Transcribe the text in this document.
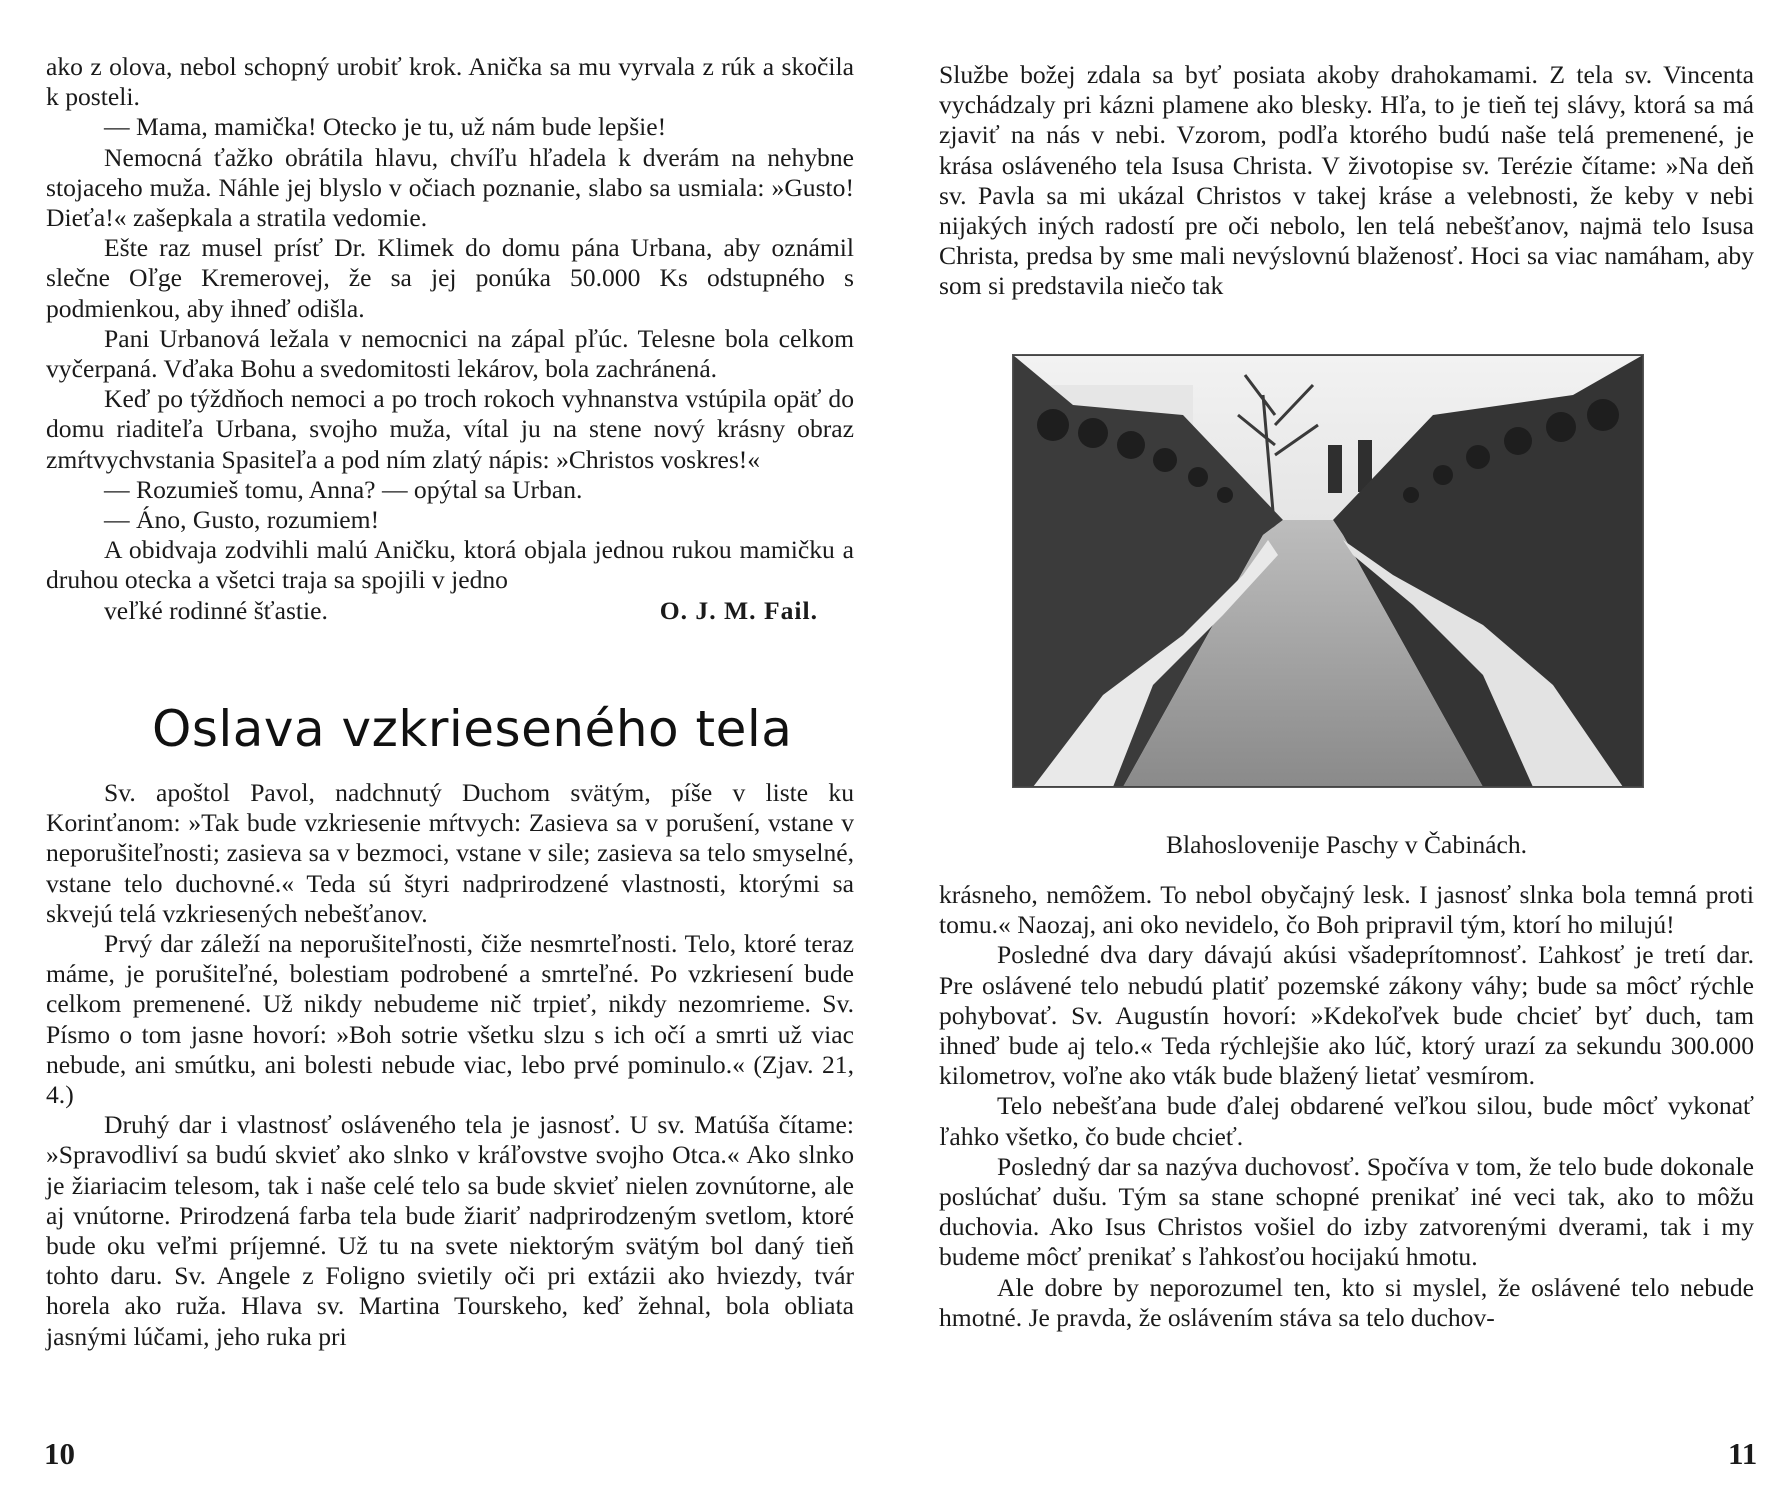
ako z olova, nebol schopný urobiť krok. Anička sa mu vyrvala z rúk a skočila k posteli.

— Mama, mamička! Otecko je tu, už nám bude lepšie!

Nemocná ťažko obrátila hlavu, chvíľu hľadela k dverám na nehybne stojaceho muža. Náhle jej blyslo v očiach poznanie, slabo sa usmiala: »Gusto! Dieťa!« zašepkala a stratila vedomie.

Ešte raz musel prísť Dr. Klimek do domu pána Urbana, aby oznámil slečne Oľge Kremerovej, že sa jej ponúka 50.000 Ks odstupného s podmienkou, aby ihneď odišla.

Pani Urbanová ležala v nemocnici na zápal pľúc. Telesne bola celkom vyčerpaná. Vďaka Bohu a svedomitosti lekárov, bola zachránená.

Keď po týždňoch nemoci a po troch rokoch vyhnanstva vstúpila opäť do domu riaditeľa Urbana, svojho muža, vítal ju na stene nový krásny obraz zmŕtvychvstania Spasiteľa a pod ním zlatý nápis: »Christos voskres!«

— Rozumieš tomu, Anna? — opýtal sa Urban.

— Áno, Gusto, rozumiem!

A obidvaja zodvihli malú Aničku, ktorá objala jednou rukou mamičku a druhou otecka a všetci traja sa spojili v jedno

veľké rodinné šťastie.	O. J. M. Fail.

Oslava vzkrieseného tela

Sv. apoštol Pavol, nadchnutý Duchom svätým, píše v liste ku Korinťanom: »Tak bude vzkriesenie mŕtvych: Zasieva sa v porušení, vstane v neporušiteľnosti; zasieva sa v bezmoci, vstane v sile; zasieva sa telo smyselné, vstane telo duchovné.« Teda sú štyri nadprirodzené vlastnosti, ktorými sa skvejú telá vzkriesených nebešťanov.

Prvý dar záleží na neporušiteľnosti, čiže nesmrteľnosti. Telo, ktoré teraz máme, je porušiteľné, bolestiam podrobené a smrteľné. Po vzkriesení bude celkom premenené. Už nikdy nebudeme nič trpieť, nikdy nezomrieme. Sv. Písmo o tom jasne hovorí: »Boh sotrie všetku slzu s ich očí a smrti už viac nebude, ani smútku, ani bolesti nebude viac, lebo prvé pominulo.« (Zjav. 21, 4.)

Druhý dar i vlastnosť osláveného tela je jasnosť. U sv. Matúša čítame: »Spravodliví sa budú skvieť ako slnko v kráľovstve svojho Otca.« Ako slnko je žiariacim telesom, tak i naše celé telo sa bude skvieť nielen zovnútorne, ale aj vnútorne. Prirodzená farba tela bude žiariť nadprirodzeným svetlom, ktoré bude oku veľmi príjemné. Už tu na svete niektorým svätým bol daný tieň tohto daru. Sv. Angele z Foligno svietily oči pri extázii ako hviezdy, tvár horela ako ruža. Hlava sv. Martina Tourskeho, keď žehnal, bola obliata jasnými lúčami, jeho ruka pri

10

Službe božej zdala sa byť posiata akoby drahokamami. Z tela sv. Vincenta vychádzaly pri kázni plamene ako blesky. Hľa, to je tieň tej slávy, ktorá sa má zjaviť na nás v nebi. Vzorom, podľa ktorého budú naše telá premenené, je krása osláveného tela Isusa Christa. V životopise sv. Terézie čítame: »Na deň sv. Pavla sa mi ukázal Christos v takej kráse a velebnosti, že keby v nebi nijakých iných radostí pre oči nebolo, len telá nebešťanov, najmä telo Isusa Christa, predsa by sme mali nevýslovnú blaženosť. Hoci sa viac namáham, aby som si predstavila niečo tak

Blahoslovenije Paschy v Čabinách.

krásneho, nemôžem. To nebol obyčajný lesk. I jasnosť slnka bola temná proti tomu.« Naozaj, ani oko nevidelo, čo Boh pripravil tým, ktorí ho milujú!

Posledné dva dary dávajú akúsi všadeprítomnosť. Ľahkosť je tretí dar. Pre oslávené telo nebudú platiť pozemské zákony váhy; bude sa môcť rýchle pohybovať. Sv. Augustín hovorí: »Kdekoľvek bude chcieť byť duch, tam ihneď bude aj telo.« Teda rýchlejšie ako lúč, ktorý urazí za sekundu 300.000 kilometrov, voľne ako vták bude blažený lietať vesmírom.

Telo nebešťana bude ďalej obdarené veľkou silou, bude môcť vykonať ľahko všetko, čo bude chcieť.

Posledný dar sa nazýva duchovosť. Spočíva v tom, že telo bude dokonale poslúchať dušu. Tým sa stane schopné prenikať iné veci tak, ako to môžu duchovia. Ako Isus Christos vošiel do izby zatvorenými dverami, tak i my budeme môcť prenikať s ľahkosťou hocijakú hmotu.

Ale dobre by neporozumel ten, kto si myslel, že oslávené telo nebude hmotné. Je pravda, že oslávením stáva sa telo duchov-

11
